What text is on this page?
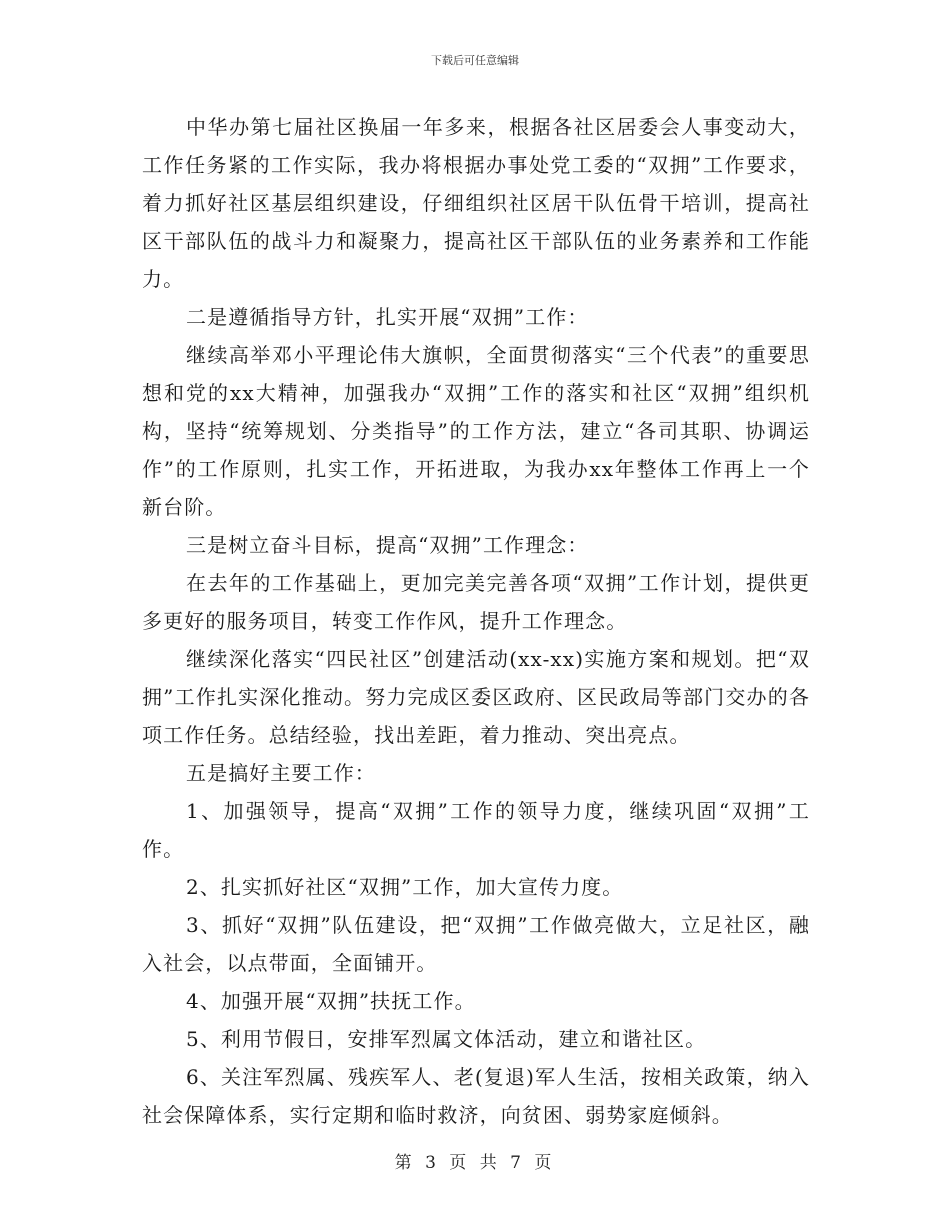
下载后可任意编辑

中华办第七届社区换届一年多来，根据各社区居委会人事变动大，工作任务紧的工作实际，我办将根据办事处党工委的“双拥”工作要求，着力抓好社区基层组织建设，仔细组织社区居干队伍骨干培训，提高社区干部队伍的战斗力和凝聚力，提高社区干部队伍的业务素养和工作能力。

二是遵循指导方针，扎实开展“双拥”工作：

继续高举邓小平理论伟大旗帜，全面贯彻落实“三个代表”的重要思想和党的xx大精神，加强我办“双拥”工作的落实和社区“双拥”组织机构，坚持“统筹规划、分类指导”的工作方法，建立“各司其职、协调运作”的工作原则，扎实工作，开拓进取，为我办xx年整体工作再上一个新台阶。

三是树立奋斗目标，提高“双拥”工作理念：

在去年的工作基础上，更加完美完善各项“双拥”工作计划，提供更多更好的服务项目，转变工作作风，提升工作理念。

继续深化落实“四民社区”创建活动(xx-xx)实施方案和规划。把“双拥”工作扎实深化推动。努力完成区委区政府、区民政局等部门交办的各项工作任务。总结经验，找出差距，着力推动、突出亮点。

五是搞好主要工作：

1、加强领导，提高“双拥”工作的领导力度，继续巩固“双拥”工作。

2、扎实抓好社区“双拥”工作，加大宣传力度。

3、抓好“双拥”队伍建设，把“双拥”工作做亮做大，立足社区，融入社会，以点带面，全面铺开。

4、加强开展“双拥”扶抚工作。

5、利用节假日，安排军烈属文体活动，建立和谐社区。

6、关注军烈属、残疾军人、老(复退)军人生活，按相关政策，纳入社会保障体系，实行定期和临时救济，向贫困、弱势家庭倾斜。

第 3 页 共 7 页
